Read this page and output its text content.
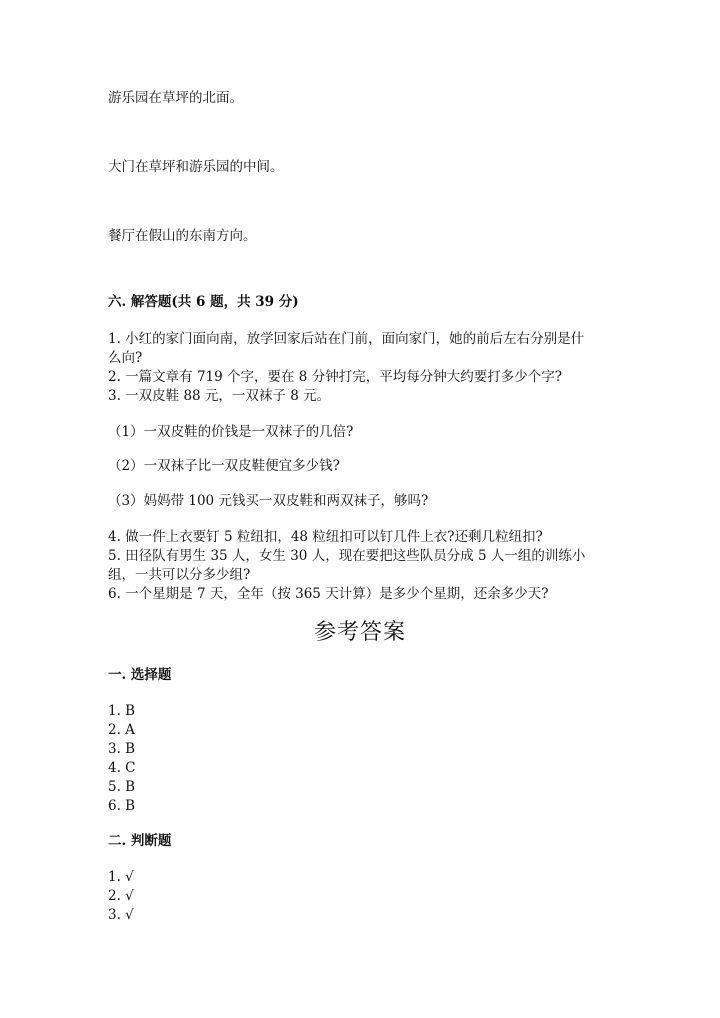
游乐园在草坪的北面。
大门在草坪和游乐园的中间。
餐厅在假山的东南方向。
六. 解答题(共 6 题，共 39 分)
1. 小红的家门面向南，放学回家后站在门前，面向家门，她的前后左右分别是什么向?
2. 一篇文章有 719 个字，要在 8 分钟打完，平均每分钟大约要打多少个字?
3. 一双皮鞋 88 元，一双袜子 8 元。
（1）一双皮鞋的价钱是一双袜子的几倍?
（2）一双袜子比一双皮鞋便宜多少钱?
（3）妈妈带 100 元钱买一双皮鞋和两双袜子，够吗?
4. 做一件上衣要钉 5 粒纽扣，48 粒纽扣可以钉几件上衣?还剩几粒纽扣?
5. 田径队有男生 35 人，女生 30 人，现在要把这些队员分成 5 人一组的训练小组，一共可以分多少组?
6. 一个星期是 7 天，全年（按 365 天计算）是多少个星期，还余多少天?
参考答案
一. 选择题
1. B
2. A
3. B
4. C
5. B
6. B
二. 判断题
1. √
2. √
3. √
